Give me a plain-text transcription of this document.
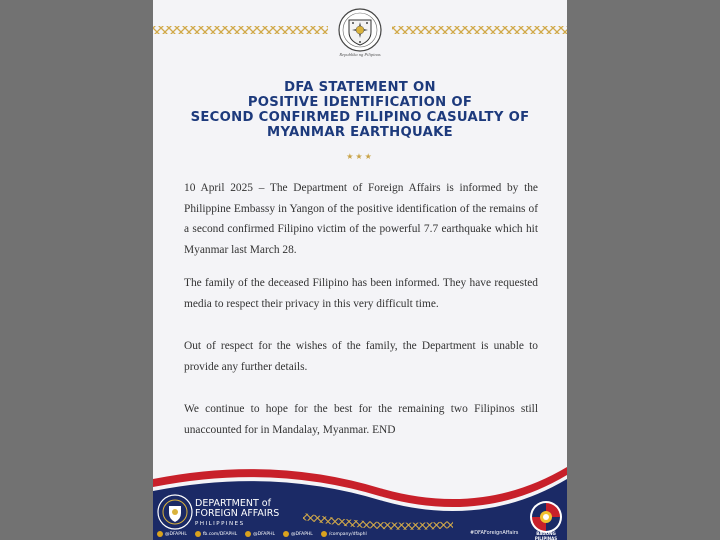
Republika ng Pilipinas
DFA STATEMENT ON
POSITIVE IDENTIFICATION OF
SECOND CONFIRMED FILIPINO CASUALTY OF
MYANMAR EARTHQUAKE
★★★

10 April 2025 – The Department of Foreign Affairs is informed by the Philippine Embassy in Yangon of the positive identification of the remains of a second confirmed Filipino victim of the powerful 7.7 earthquake which hit Myanmar last March 28.

The family of the deceased Filipino has been informed. They have requested media to respect their privacy in this very difficult time.

Out of respect for the wishes of the family, the Department is unable to provide any further details.

We continue to hope for the best for the remaining two Filipinos still unaccounted for in Mandalay, Myanmar. END

DEPARTMENT of
FOREIGN AFFAIRS
PHILIPPINES
@DFAPHL	fb.com/DFAPHL	@DFAPHL	@DFAPHL	/company/dfaphl	#DFAForeignAffairs	BAGONG PILIPINAS
